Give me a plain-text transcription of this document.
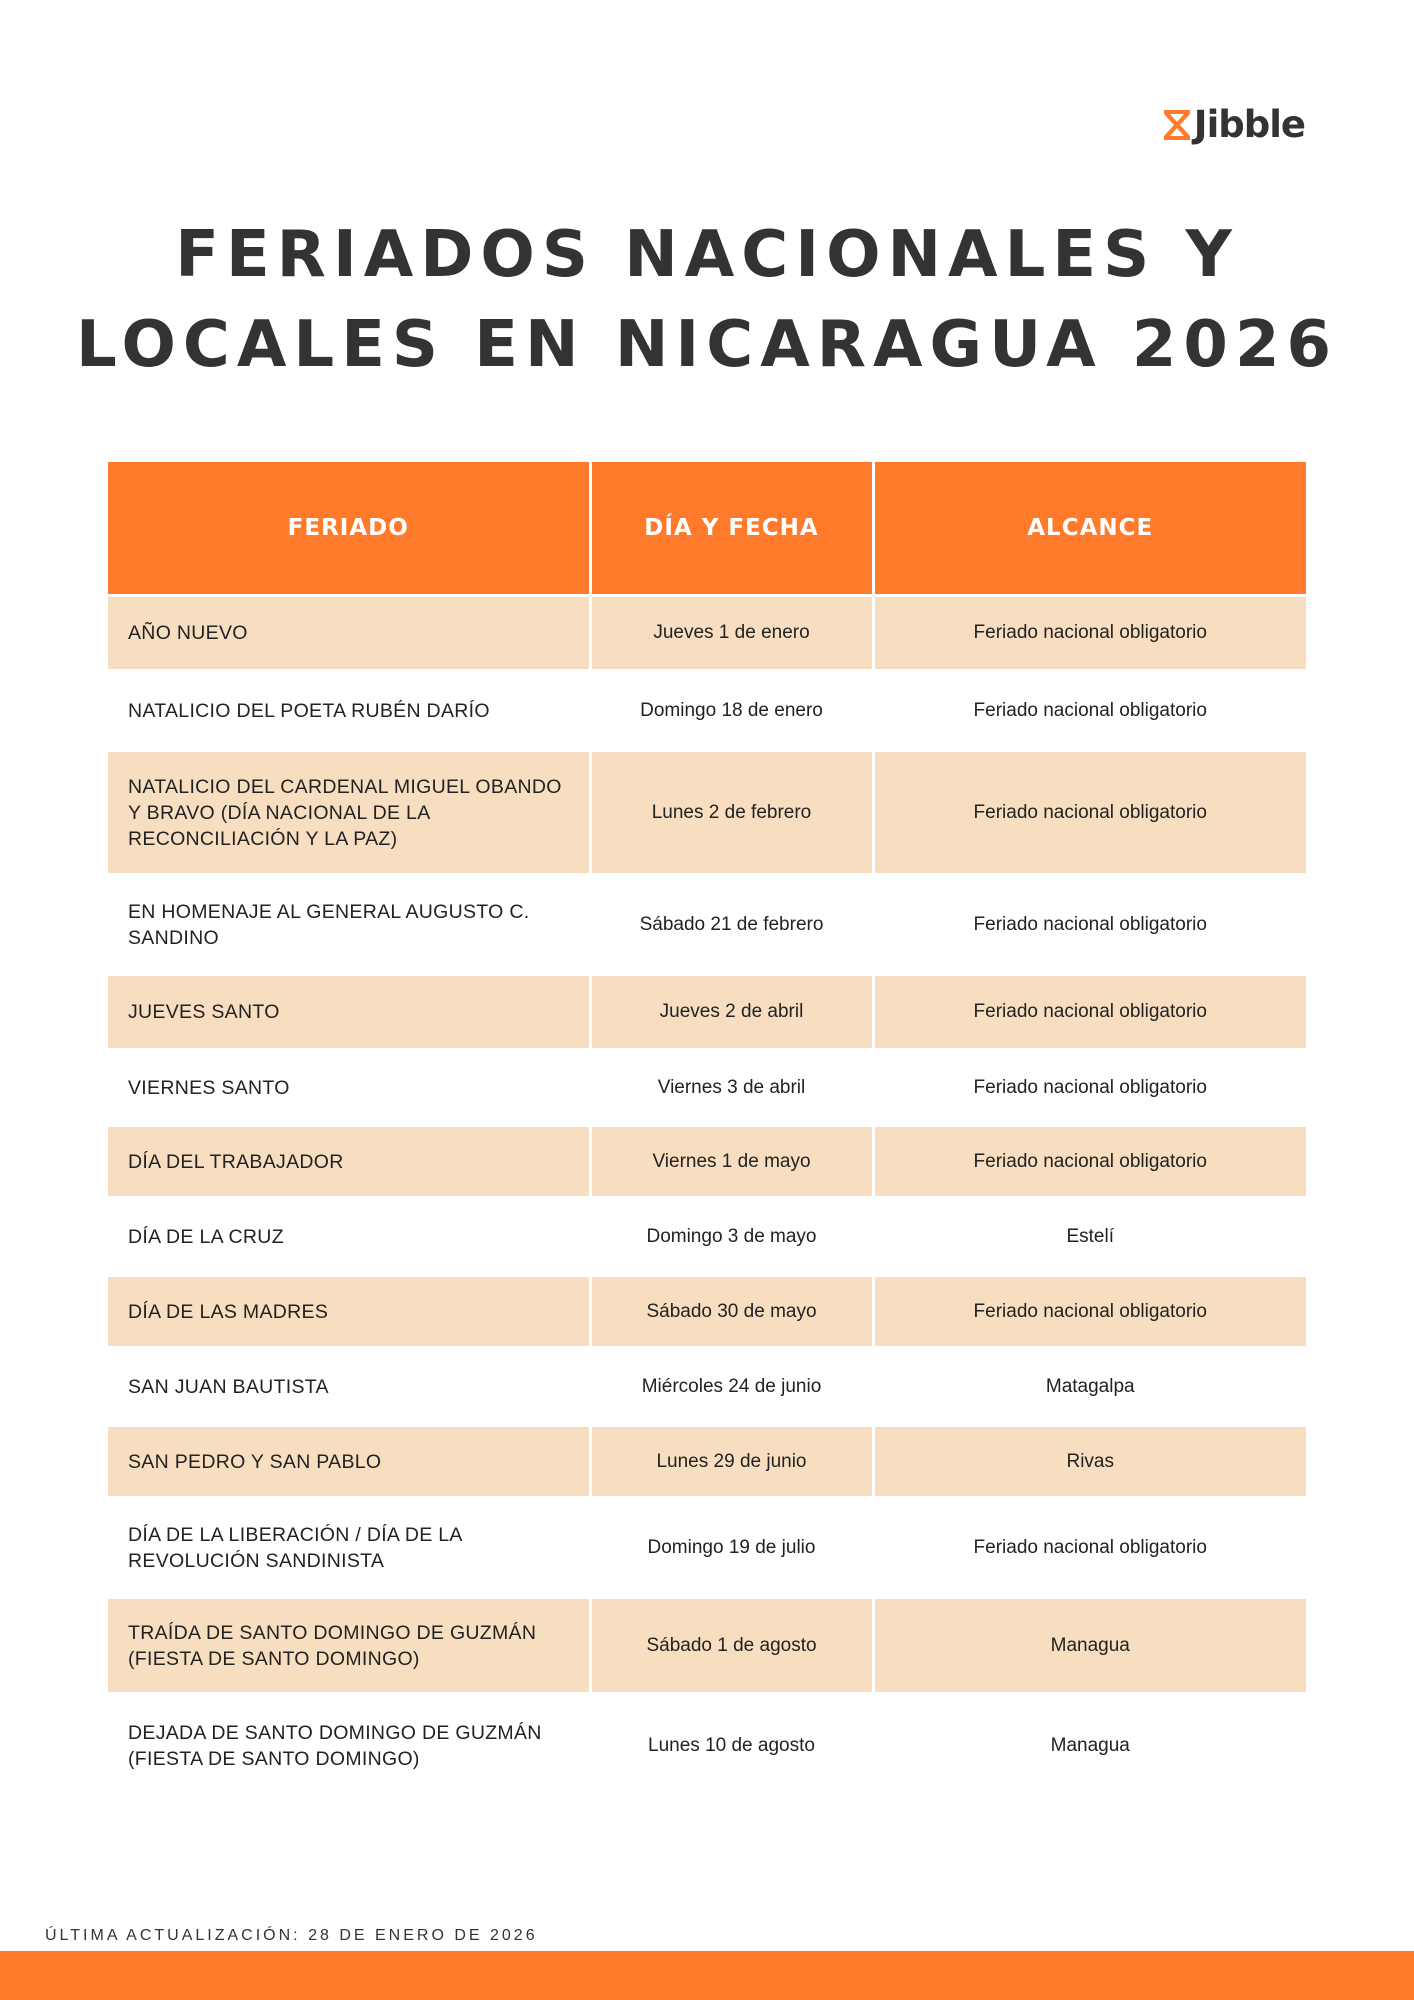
Jibble
FERIADOS NACIONALES Y
LOCALES EN NICARAGUA 2026
FERIADO	DÍA Y FECHA	ALCANCE
AÑO NUEVO	Jueves 1 de enero	Feriado nacional obligatorio
NATALICIO DEL POETA RUBÉN DARÍO	Domingo 18 de enero	Feriado nacional obligatorio
NATALICIO DEL CARDENAL MIGUEL OBANDO Y BRAVO (DÍA NACIONAL DE LA RECONCILIACIÓN Y LA PAZ)	Lunes 2 de febrero	Feriado nacional obligatorio
EN HOMENAJE AL GENERAL AUGUSTO C. SANDINO	Sábado 21 de febrero	Feriado nacional obligatorio
JUEVES SANTO	Jueves 2 de abril	Feriado nacional obligatorio
VIERNES SANTO	Viernes 3 de abril	Feriado nacional obligatorio
DÍA DEL TRABAJADOR	Viernes 1 de mayo	Feriado nacional obligatorio
DÍA DE LA CRUZ	Domingo 3 de mayo	Estelí
DÍA DE LAS MADRES	Sábado 30 de mayo	Feriado nacional obligatorio
SAN JUAN BAUTISTA	Miércoles 24 de junio	Matagalpa
SAN PEDRO Y SAN PABLO	Lunes 29 de junio	Rivas
DÍA DE LA LIBERACIÓN / DÍA DE LA REVOLUCIÓN SANDINISTA	Domingo 19 de julio	Feriado nacional obligatorio
TRAÍDA DE SANTO DOMINGO DE GUZMÁN (FIESTA DE SANTO DOMINGO)	Sábado 1 de agosto	Managua
DEJADA DE SANTO DOMINGO DE GUZMÁN (FIESTA DE SANTO DOMINGO)	Lunes 10 de agosto	Managua
ÚLTIMA ACTUALIZACIÓN: 28 DE ENERO DE 2026
